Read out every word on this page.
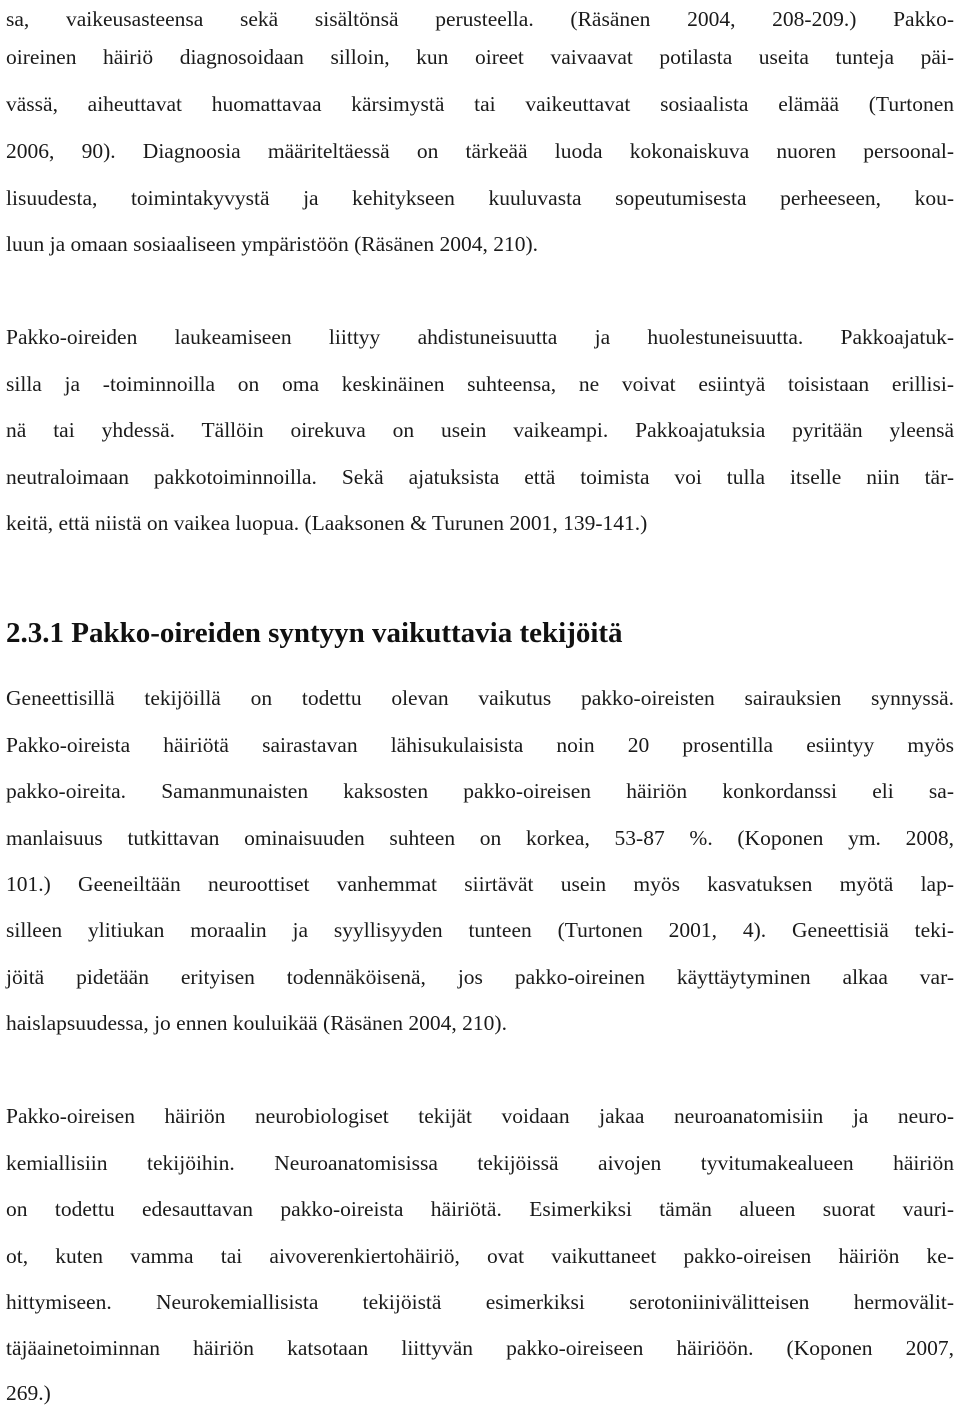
sa, vaikeusasteensa sekä sisältönsä perusteella. (Räsänen 2004, 208-209.) Pakko-
oireinen häiriö diagnosoidaan silloin, kun oireet vaivaavat potilasta useita tunteja päi-
vässä, aiheuttavat huomattavaa kärsimystä tai vaikeuttavat sosiaalista elämää (Turtonen
2006, 90). Diagnoosia määriteltäessä on tärkeää luoda kokonaiskuva nuoren persoonal-
lisuudesta, toimintakyvystä ja kehitykseen kuuluvasta sopeutumisesta perheeseen, kou-
luun ja omaan sosiaaliseen ympäristöön (Räsänen 2004, 210).
Pakko-oireiden laukeamiseen liittyy ahdistuneisuutta ja huolestuneisuutta. Pakkoajatuk-
silla ja -toiminnoilla on oma keskinäinen suhteensa, ne voivat esiintyä toisistaan erillisi-
nä tai yhdessä. Tällöin oirekuva on usein vaikeampi. Pakkoajatuksia pyritään yleensä
neutraloimaan pakkotoiminnoilla. Sekä ajatuksista että toimista voi tulla itselle niin tär-
keitä, että niistä on vaikea luopua. (Laaksonen & Turunen 2001, 139-141.)
2.3.1 Pakko-oireiden syntyyn vaikuttavia tekijöitä
Geneettisillä tekijöillä on todettu olevan vaikutus pakko-oireisten sairauksien synnyssä.
Pakko-oireista häiriötä sairastavan lähisukulaisista noin 20 prosentilla esiintyy myös
pakko-oireita. Samanmunaisten kaksosten pakko-oireisen häiriön konkordanssi eli sa-
manlaisuus tutkittavan ominaisuuden suhteen on korkea, 53-87 %. (Koponen ym. 2008,
101.) Geeneiltään neuroottiset vanhemmat siirtävät usein myös kasvatuksen myötä lap-
silleen ylitiukan moraalin ja syyllisyyden tunteen (Turtonen 2001, 4). Geneettisiä teki-
jöitä pidetään erityisen todennäköisenä, jos pakko-oireinen käyttäytyminen alkaa var-
haislapsuudessa, jo ennen kouluikää (Räsänen 2004, 210).
Pakko-oireisen häiriön neurobiologiset tekijät voidaan jakaa neuroanatomisiin ja neuro-
kemiallisiin tekijöihin. Neuroanatomisissa tekijöissä aivojen tyvitumakealueen häiriön
on todettu edesauttavan pakko-oireista häiriötä. Esimerkiksi tämän alueen suorat vauri-
ot, kuten vamma tai aivoverenkiertohäiriö, ovat vaikuttaneet pakko-oireisen häiriön ke-
hittymiseen. Neurokemiallisista tekijöistä esimerkiksi serotoniinivälitteisen hermovälit-
täjäainetoiminnan häiriön katsotaan liittyvän pakko-oireiseen häiriöön. (Koponen 2007,
269.)
